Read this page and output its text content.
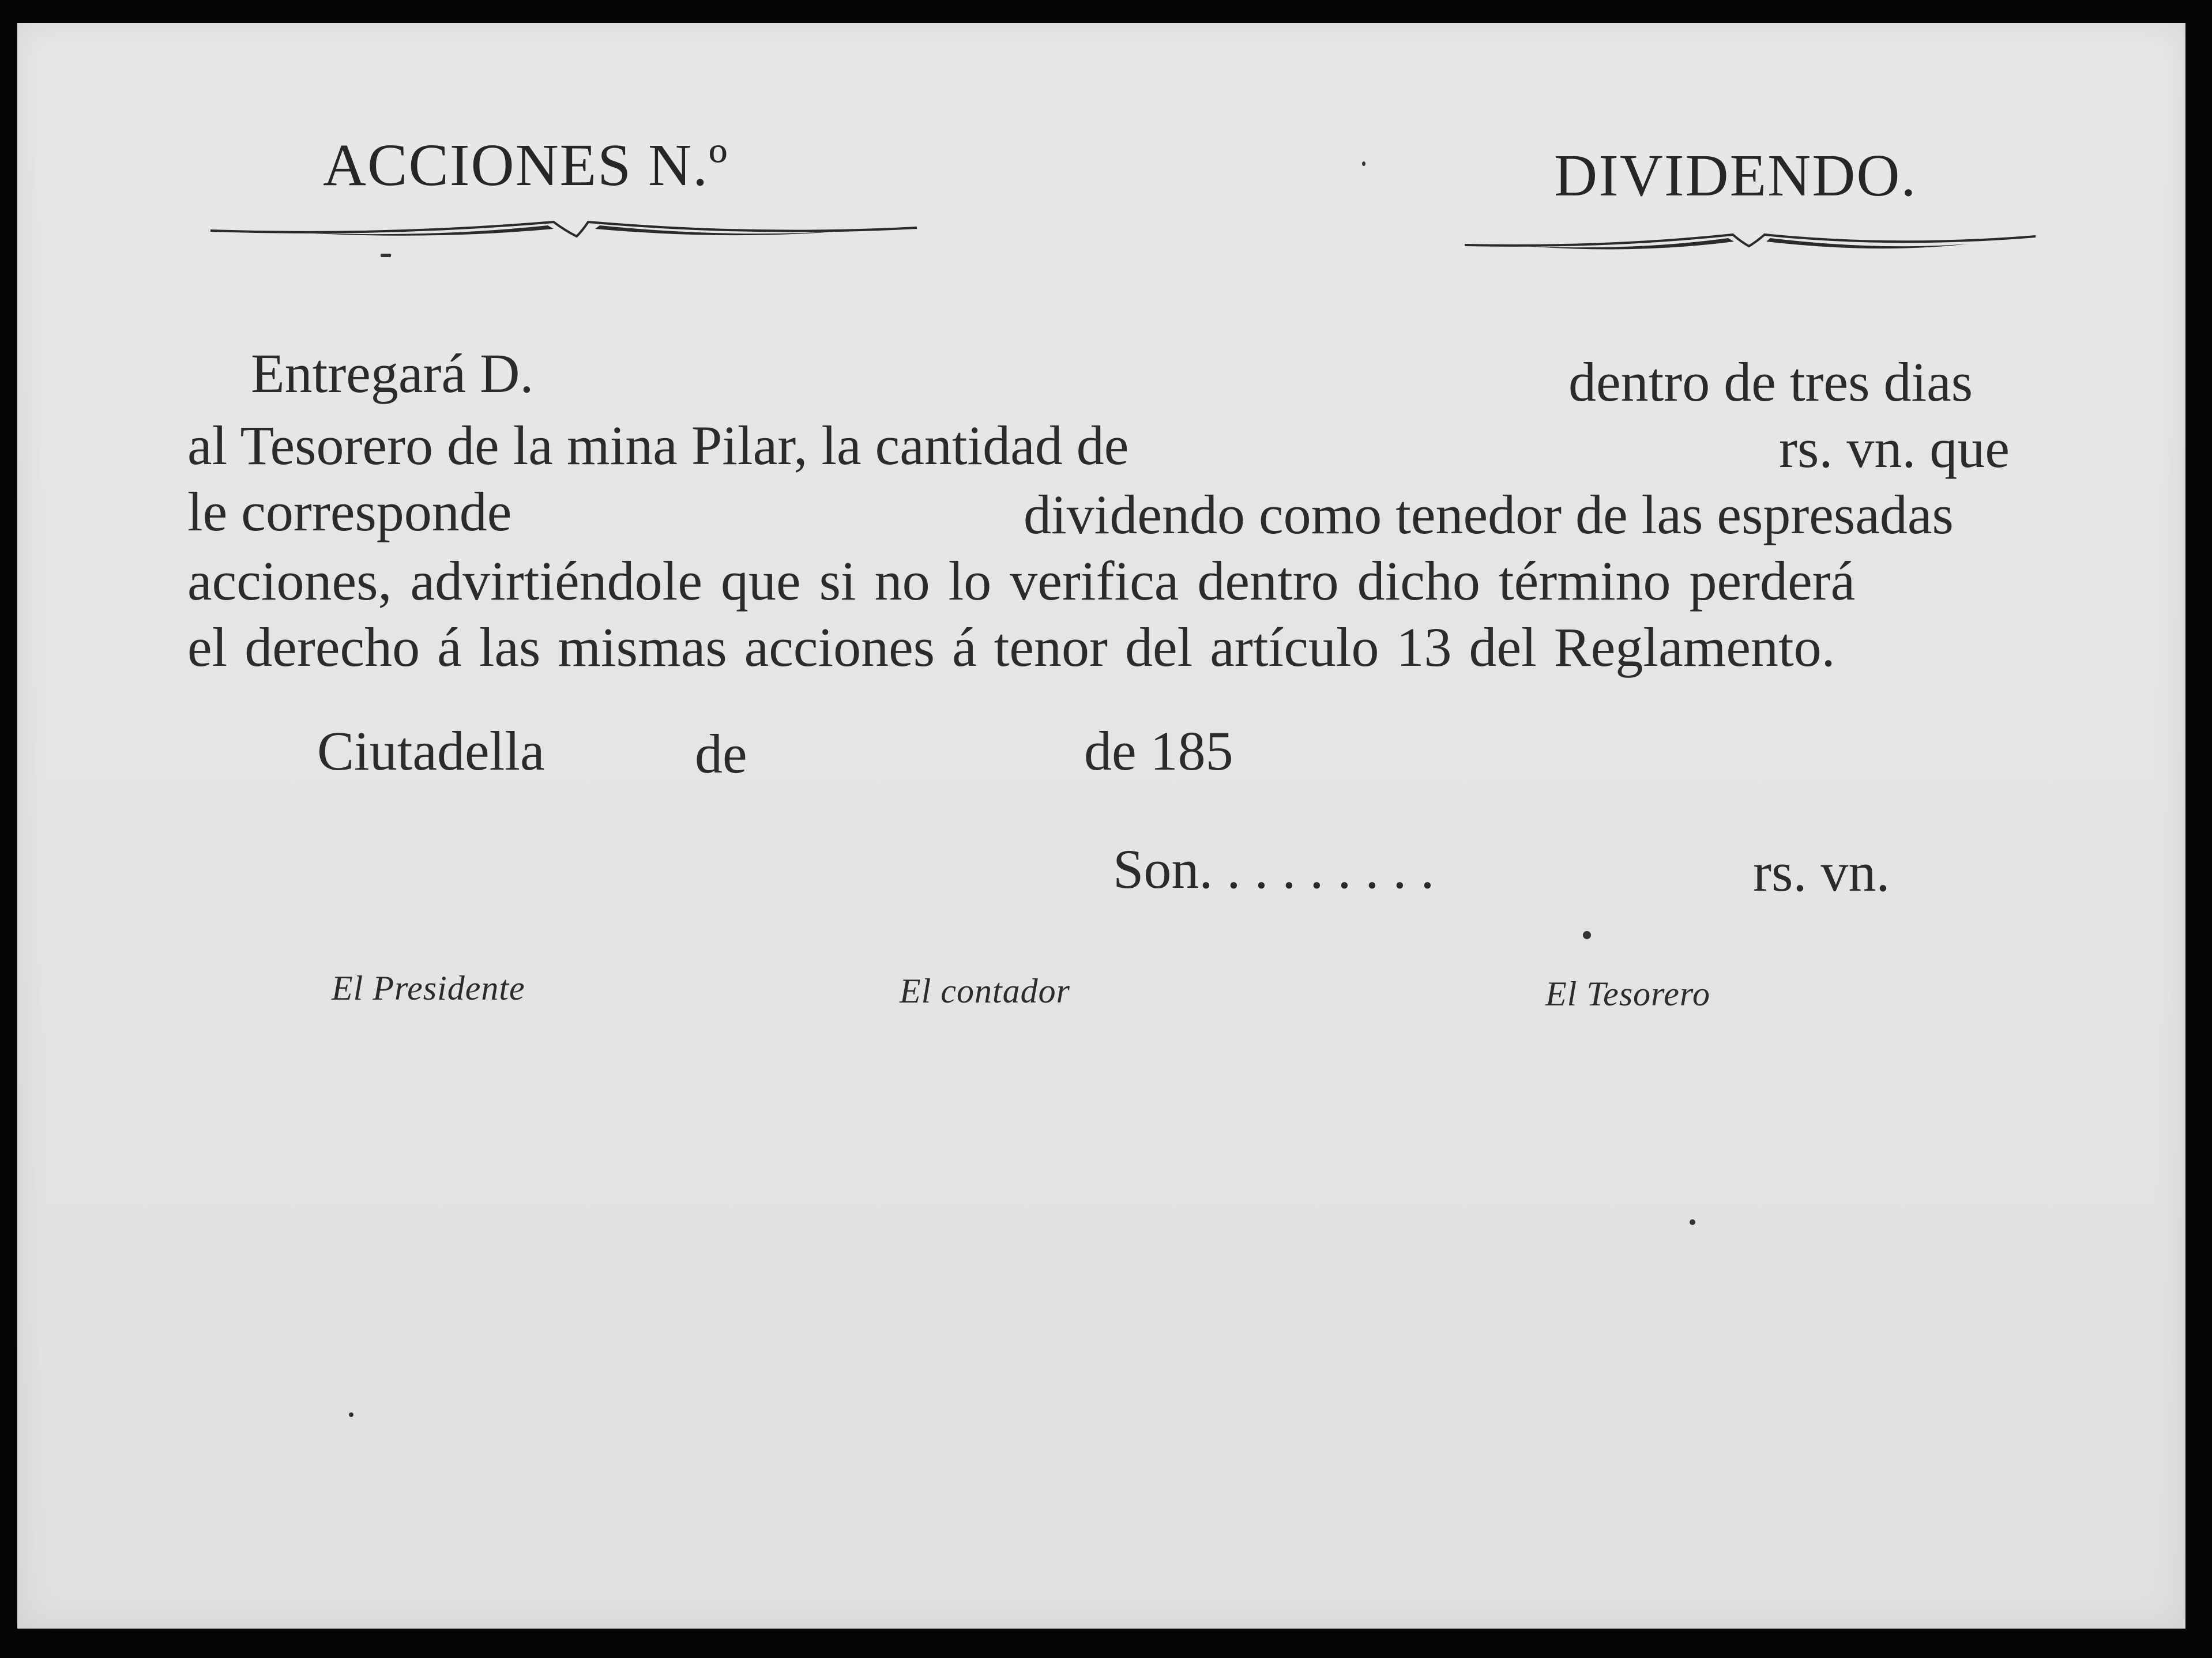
ACCIONES N.º	DIVIDENDO.
Entregará D.	dentro de tres dias
al Tesorero de la mina Pilar, la cantidad de	rs. vn. que
le corresponde	dividendo como tenedor de las espresadas
acciones, advirtiéndole que si no lo verifica dentro dicho término perderá
el derecho á las mismas acciones á tenor del artículo 13 del Reglamento.
Ciutadella	de	de 185
Son. . . . . . . . .	rs. vn.
El Presidente	El contador	El Tesorero
